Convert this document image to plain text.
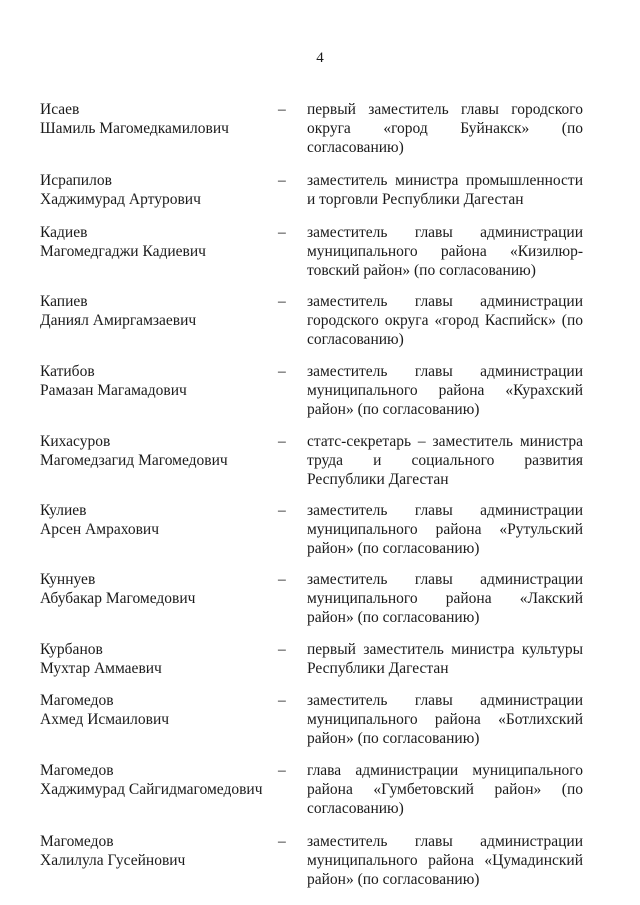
4
Исаев
Шамиль Магомедкамилович
– первый заместитель главы городского
округа «город Буйнакск» (по
согласованию)
Исрапилов
Хаджимурад Артурович
– заместитель министра промышленности
и торговли Республики Дагестан
Кадиев
Магомедгаджи Кадиевич
– заместитель главы администрации
муниципального района «Кизилюр-
товский район» (по согласованию)
Капиев
Даниял Амиргамзаевич
– заместитель главы администрации
городского округа «город Каспийск» (по
согласованию)
Катибов
Рамазан Магамадович
– заместитель главы администрации
муниципального района «Курахский
район» (по согласованию)
Кихасуров
Магомедзагид Магомедович
– статс-секретарь – заместитель министра
труда и социального развития
Республики Дагестан
Кулиев
Арсен Амрахович
– заместитель главы администрации
муниципального района «Рутульский
район» (по согласованию)
Куннуев
Абубакар Магомедович
– заместитель главы администрации
муниципального района «Лакский
район» (по согласованию)
Курбанов
Мухтар Аммаевич
– первый заместитель министра культуры
Республики Дагестан
Магомедов
Ахмед Исмаилович
– заместитель главы администрации
муниципального района «Ботлихский
район» (по согласованию)
Магомедов
Хаджимурад Сайгидмагомедович
– глава администрации муниципального
района «Гумбетовский район» (по
согласованию)
Магомедов
Халилула Гусейнович
– заместитель главы администрации
муниципального района «Цумадинский
район» (по согласованию)
